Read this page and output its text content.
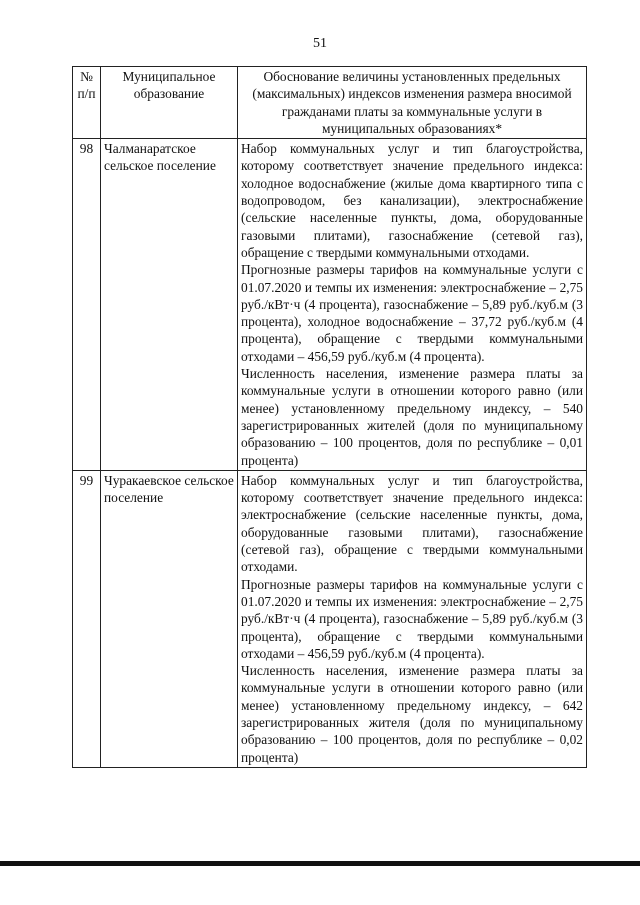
51
№ п/п	Муниципальное образование	Обоснование величины установленных предельных (максимальных) индексов изменения размера вносимой гражданами платы за коммунальные услуги в муниципальных образованиях*
98	Чалманаратское сельское поселение	Набор коммунальных услуг и тип благоустройства, которому соответствует значение предельного индекса: холодное водоснабжение (жилые дома квартирного типа с водопроводом, без канализации), электроснабжение (сельские населенные пункты, дома, оборудованные газовыми плитами), газоснабжение (сетевой газ), обращение с твердыми коммунальными отходами.
Прогнозные размеры тарифов на коммунальные услуги с 01.07.2020 и темпы их изменения: электроснабжение – 2,75 руб./кВт·ч (4 процента), газоснабжение – 5,89 руб./куб.м (3 процента), холодное водоснабжение – 37,72 руб./куб.м (4 процента), обращение с твердыми коммунальными отходами – 456,59 руб./куб.м (4 процента).
Численность населения, изменение размера платы за коммунальные услуги в отношении которого равно (или менее) установленному предельному индексу, – 540 зарегистрированных жителей (доля по муниципальному образованию – 100 процентов, доля по республике – 0,01 процента)

99	Чуракаевское сельское поселение	Набор коммунальных услуг и тип благоустройства, которому соответствует значение предельного индекса: электроснабжение (сельские населенные пункты, дома, оборудованные газовыми плитами), газоснабжение (сетевой газ), обращение с твердыми коммунальными отходами.
Прогнозные размеры тарифов на коммунальные услуги с 01.07.2020 и темпы их изменения: электроснабжение – 2,75 руб./кВт·ч (4 процента), газоснабжение – 5,89 руб./куб.м (3 процента), обращение с твердыми коммунальными отходами – 456,59 руб./куб.м (4 процента).
Численность населения, изменение размера платы за коммунальные услуги в отношении которого равно (или менее) установленному предельному индексу, – 642 зарегистрированных жителя (доля по муниципальному образованию – 100 процентов, доля по республике – 0,02 процента)
